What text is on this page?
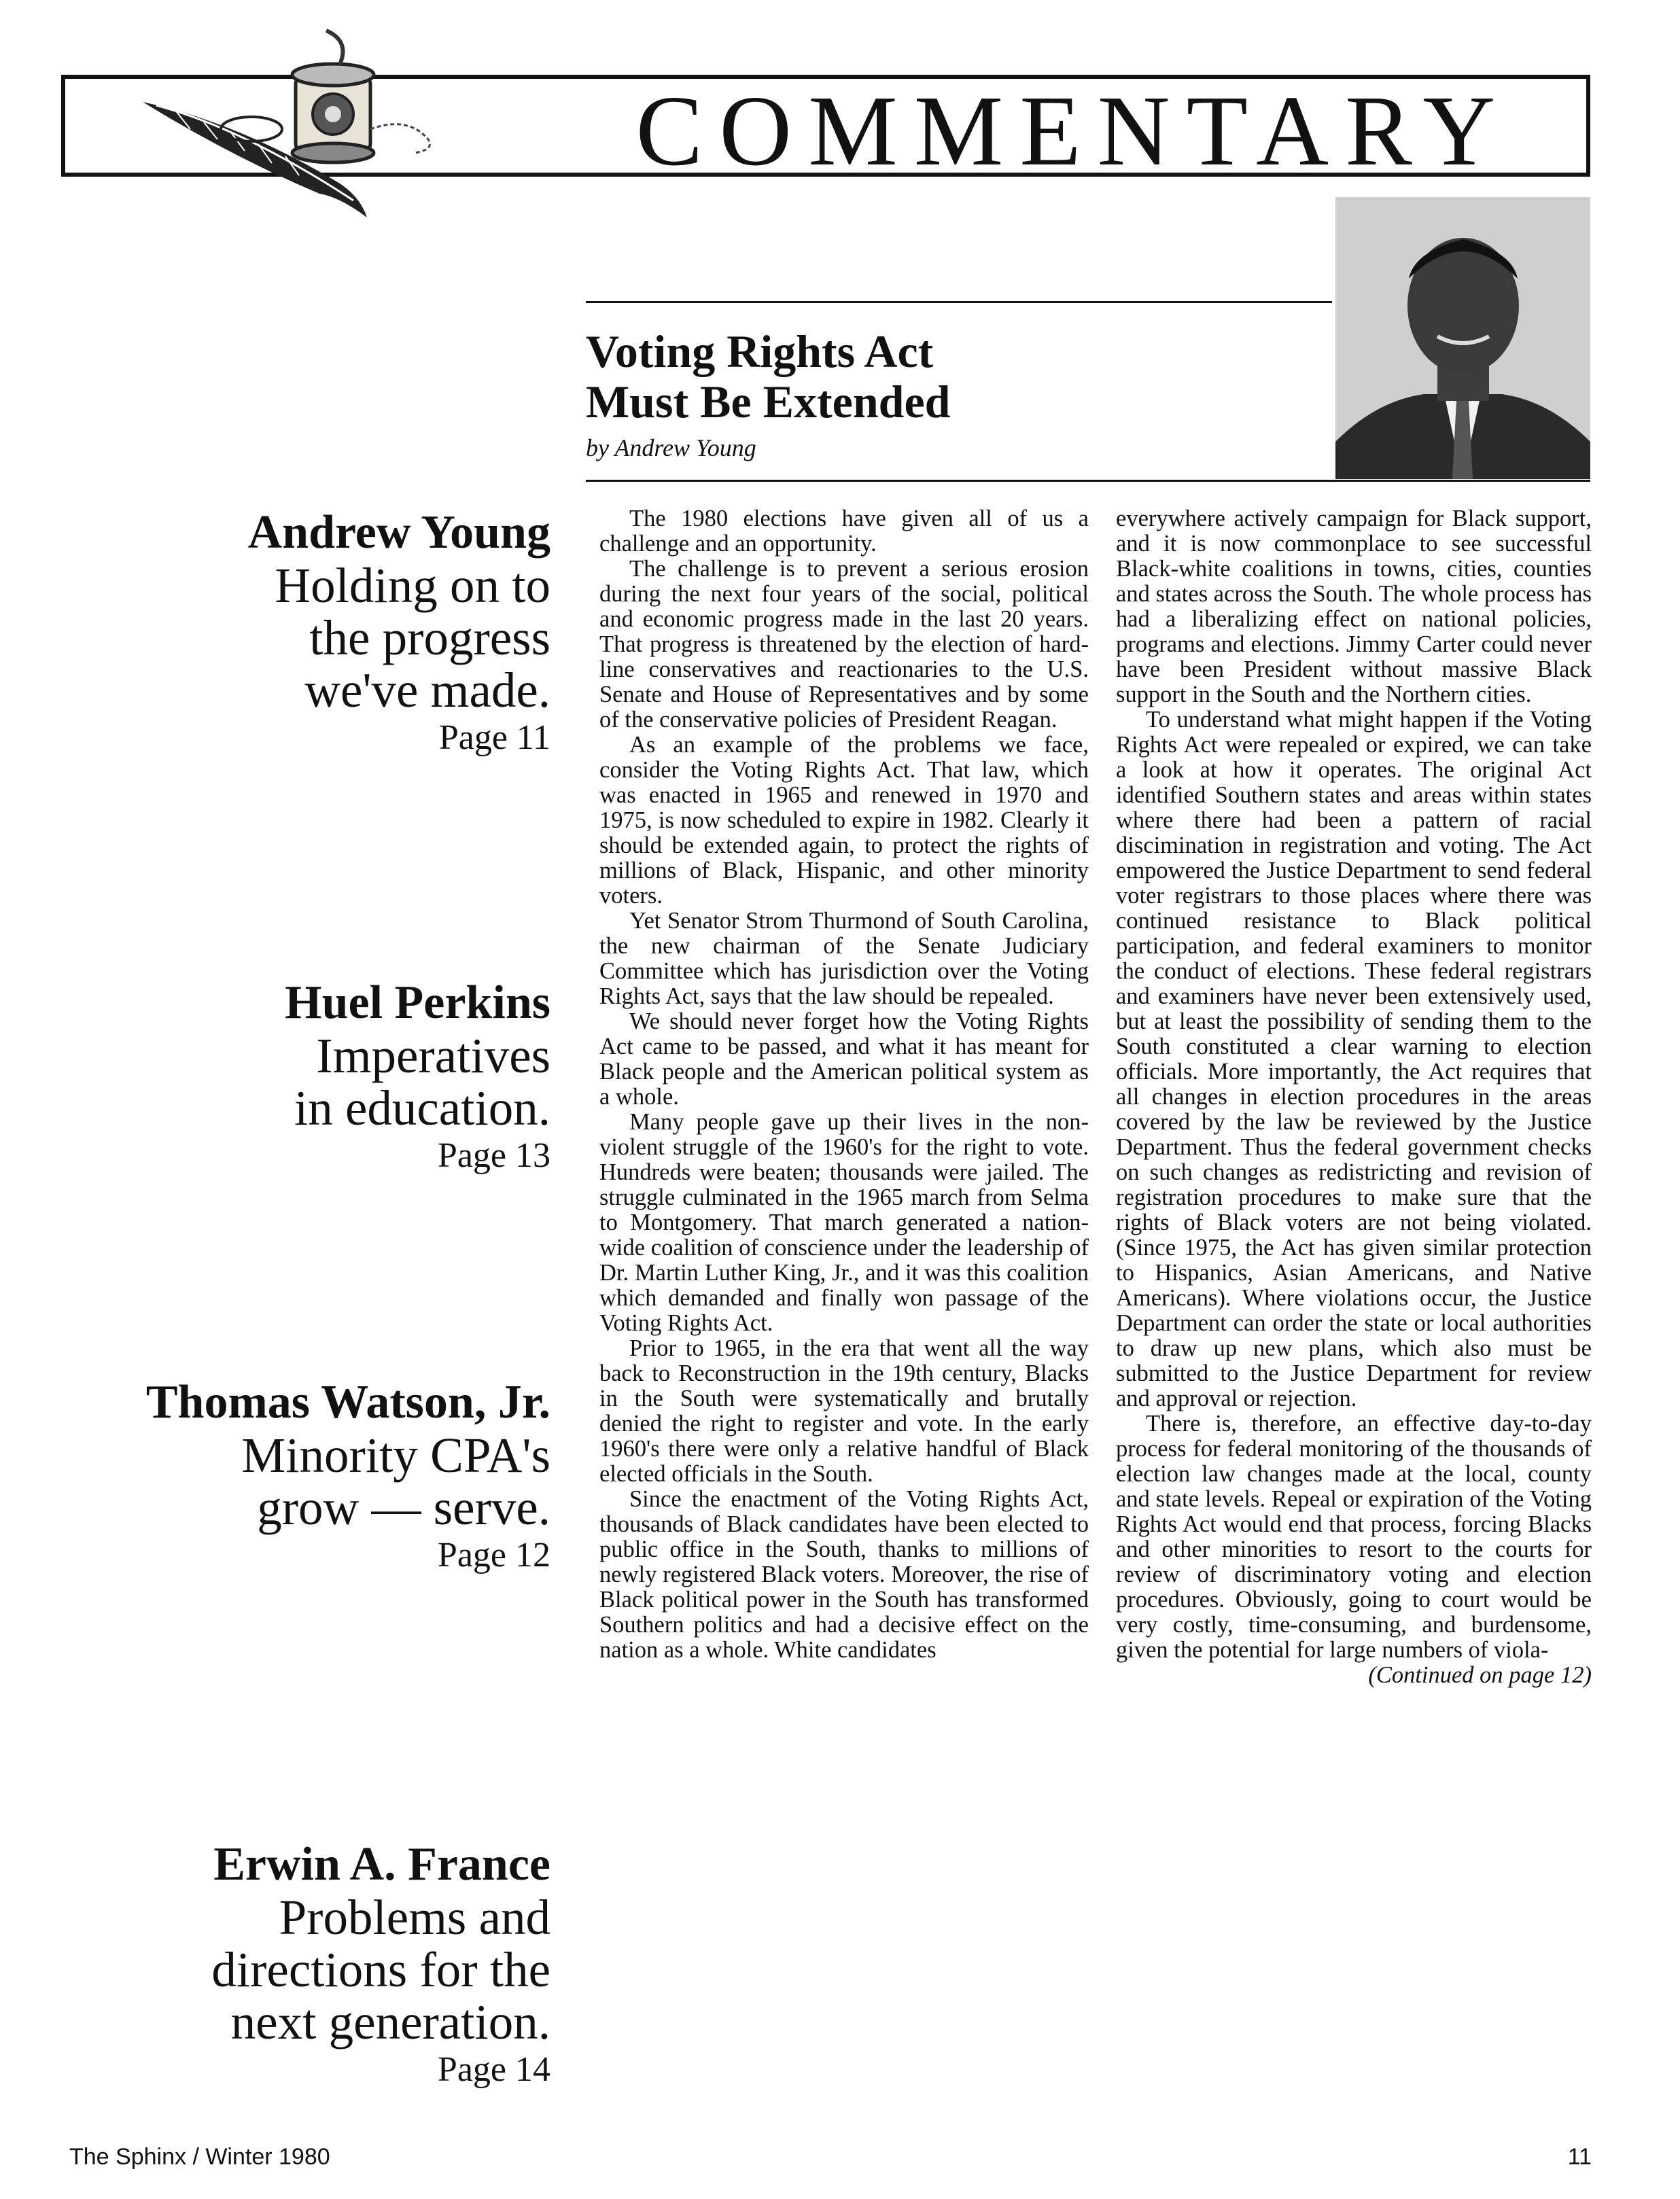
COMMENTARY
Voting Rights Act
Must Be Extended
by Andrew Young
Andrew Young
Holding on to
the progress
we've made.
Page 11
Huel Perkins
Imperatives
in education.
Page 13
Thomas Watson, Jr.
Minority CPA's
grow — serve.
Page 12
Erwin A. France
Problems and
directions for the
next generation.
Page 14

The 1980 elections have given all of us a challenge and an opportunity.

The challenge is to prevent a serious erosion during the next four years of the social, political and economic progress made in the last 20 years. That progress is threatened by the election of hard-line conservatives and reactionaries to the U.S. Senate and House of Representatives and by some of the conservative policies of President Reagan.

As an example of the problems we face, consider the Voting Rights Act. That law, which was enacted in 1965 and renewed in 1970 and 1975, is now scheduled to expire in 1982. Clearly it should be extended again, to protect the rights of millions of Black, Hispanic, and other minority voters.

Yet Senator Strom Thurmond of South Carolina, the new chairman of the Senate Judiciary Committee which has jurisdiction over the Voting Rights Act, says that the law should be repealed.

We should never forget how the Voting Rights Act came to be passed, and what it has meant for Black people and the American political system as a whole.

Many people gave up their lives in the non-violent struggle of the 1960's for the right to vote. Hundreds were beaten; thousands were jailed. The struggle culminated in the 1965 march from Selma to Montgomery. That march generated a nation-wide coalition of conscience under the leadership of Dr. Martin Luther King, Jr., and it was this coalition which demanded and finally won passage of the Voting Rights Act.

Prior to 1965, in the era that went all the way back to Reconstruction in the 19th century, Blacks in the South were systematically and brutally denied the right to register and vote. In the early 1960's there were only a relative handful of Black elected officials in the South.

Since the enactment of the Voting Rights Act, thousands of Black candidates have been elected to public office in the South, thanks to millions of newly registered Black voters. Moreover, the rise of Black political power in the South has transformed Southern politics and had a decisive effect on the nation as a whole. White candidates

everywhere actively campaign for Black support, and it is now commonplace to see successful Black-white coalitions in towns, cities, counties and states across the South. The whole process has had a liberalizing effect on national policies, programs and elections. Jimmy Carter could never have been President without massive Black support in the South and the Northern cities.

To understand what might happen if the Voting Rights Act were repealed or expired, we can take a look at how it operates. The original Act identified Southern states and areas within states where there had been a pattern of racial discimination in registration and voting. The Act empowered the Justice Department to send federal voter registrars to those places where there was continued resistance to Black political participation, and federal examiners to monitor the conduct of elections. These federal registrars and examiners have never been extensively used, but at least the possibility of sending them to the South constituted a clear warning to election officials. More importantly, the Act requires that all changes in election procedures in the areas covered by the law be reviewed by the Justice Department. Thus the federal government checks on such changes as redistricting and revision of registration procedures to make sure that the rights of Black voters are not being violated. (Since 1975, the Act has given similar protection to Hispanics, Asian Americans, and Native Americans). Where violations occur, the Justice Department can order the state or local authorities to draw up new plans, which also must be submitted to the Justice Department for review and approval or rejection.

There is, therefore, an effective day-to-day process for federal monitoring of the thousands of election law changes made at the local, county and state levels. Repeal or expiration of the Voting Rights Act would end that process, forcing Blacks and other minorities to resort to the courts for review of discriminatory voting and election procedures. Obviously, going to court would be very costly, time-consuming, and burdensome, given the potential for large numbers of viola-

(Continued on page 12)

The Sphinx / Winter 1980	11
